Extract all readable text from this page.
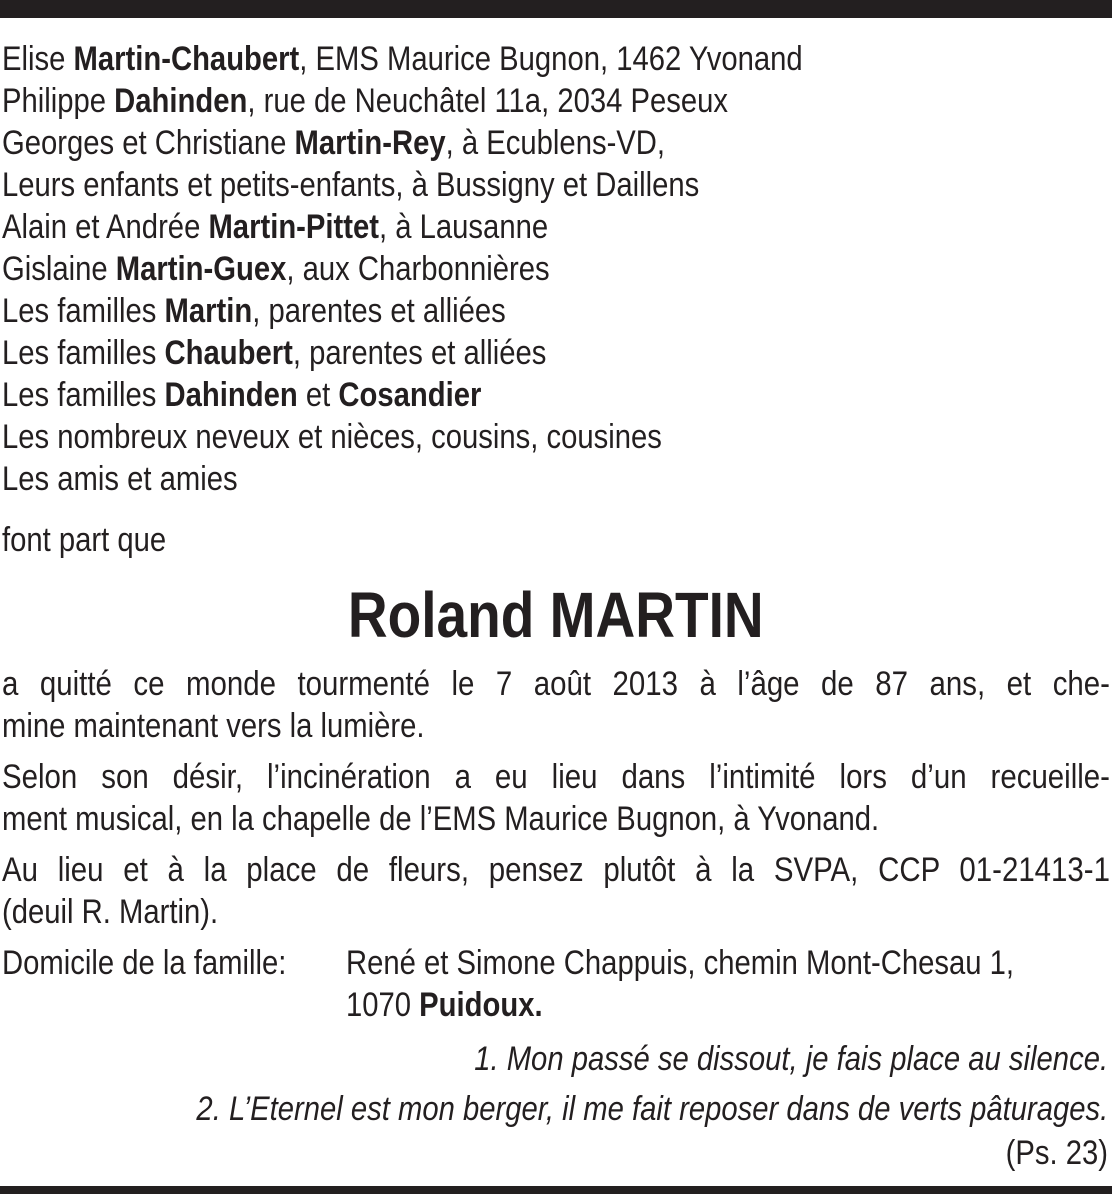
Elise Martin-Chaubert, EMS Maurice Bugnon, 1462 Yvonand
Philippe Dahinden, rue de Neuchâtel 11a, 2034 Peseux
Georges et Christiane Martin-Rey, à Ecublens-VD,
Leurs enfants et petits-enfants, à Bussigny et Daillens
Alain et Andrée Martin-Pittet, à Lausanne
Gislaine Martin-Guex, aux Charbonnières
Les familles Martin, parentes et alliées
Les familles Chaubert, parentes et alliées
Les familles Dahinden et Cosandier
Les nombreux neveux et nièces, cousins, cousines
Les amis et amies
font part que
Roland MARTIN
a quitté ce monde tourmenté le 7 août 2013 à l’âge de 87 ans, et che-
mine maintenant vers la lumière.
Selon son désir, l’incinération a eu lieu dans l’intimité lors d’un recueille-
ment musical, en la chapelle de l’EMS Maurice Bugnon, à Yvonand.
Au lieu et à la place de fleurs, pensez plutôt à la SVPA, CCP 01-21413-1
(deuil R. Martin).
Domicile de la famille: René et Simone Chappuis, chemin Mont-Chesau 1,
1070 Puidoux.
1. Mon passé se dissout, je fais place au silence.
2. L’Eternel est mon berger, il me fait reposer dans de verts pâturages.
(Ps. 23)
